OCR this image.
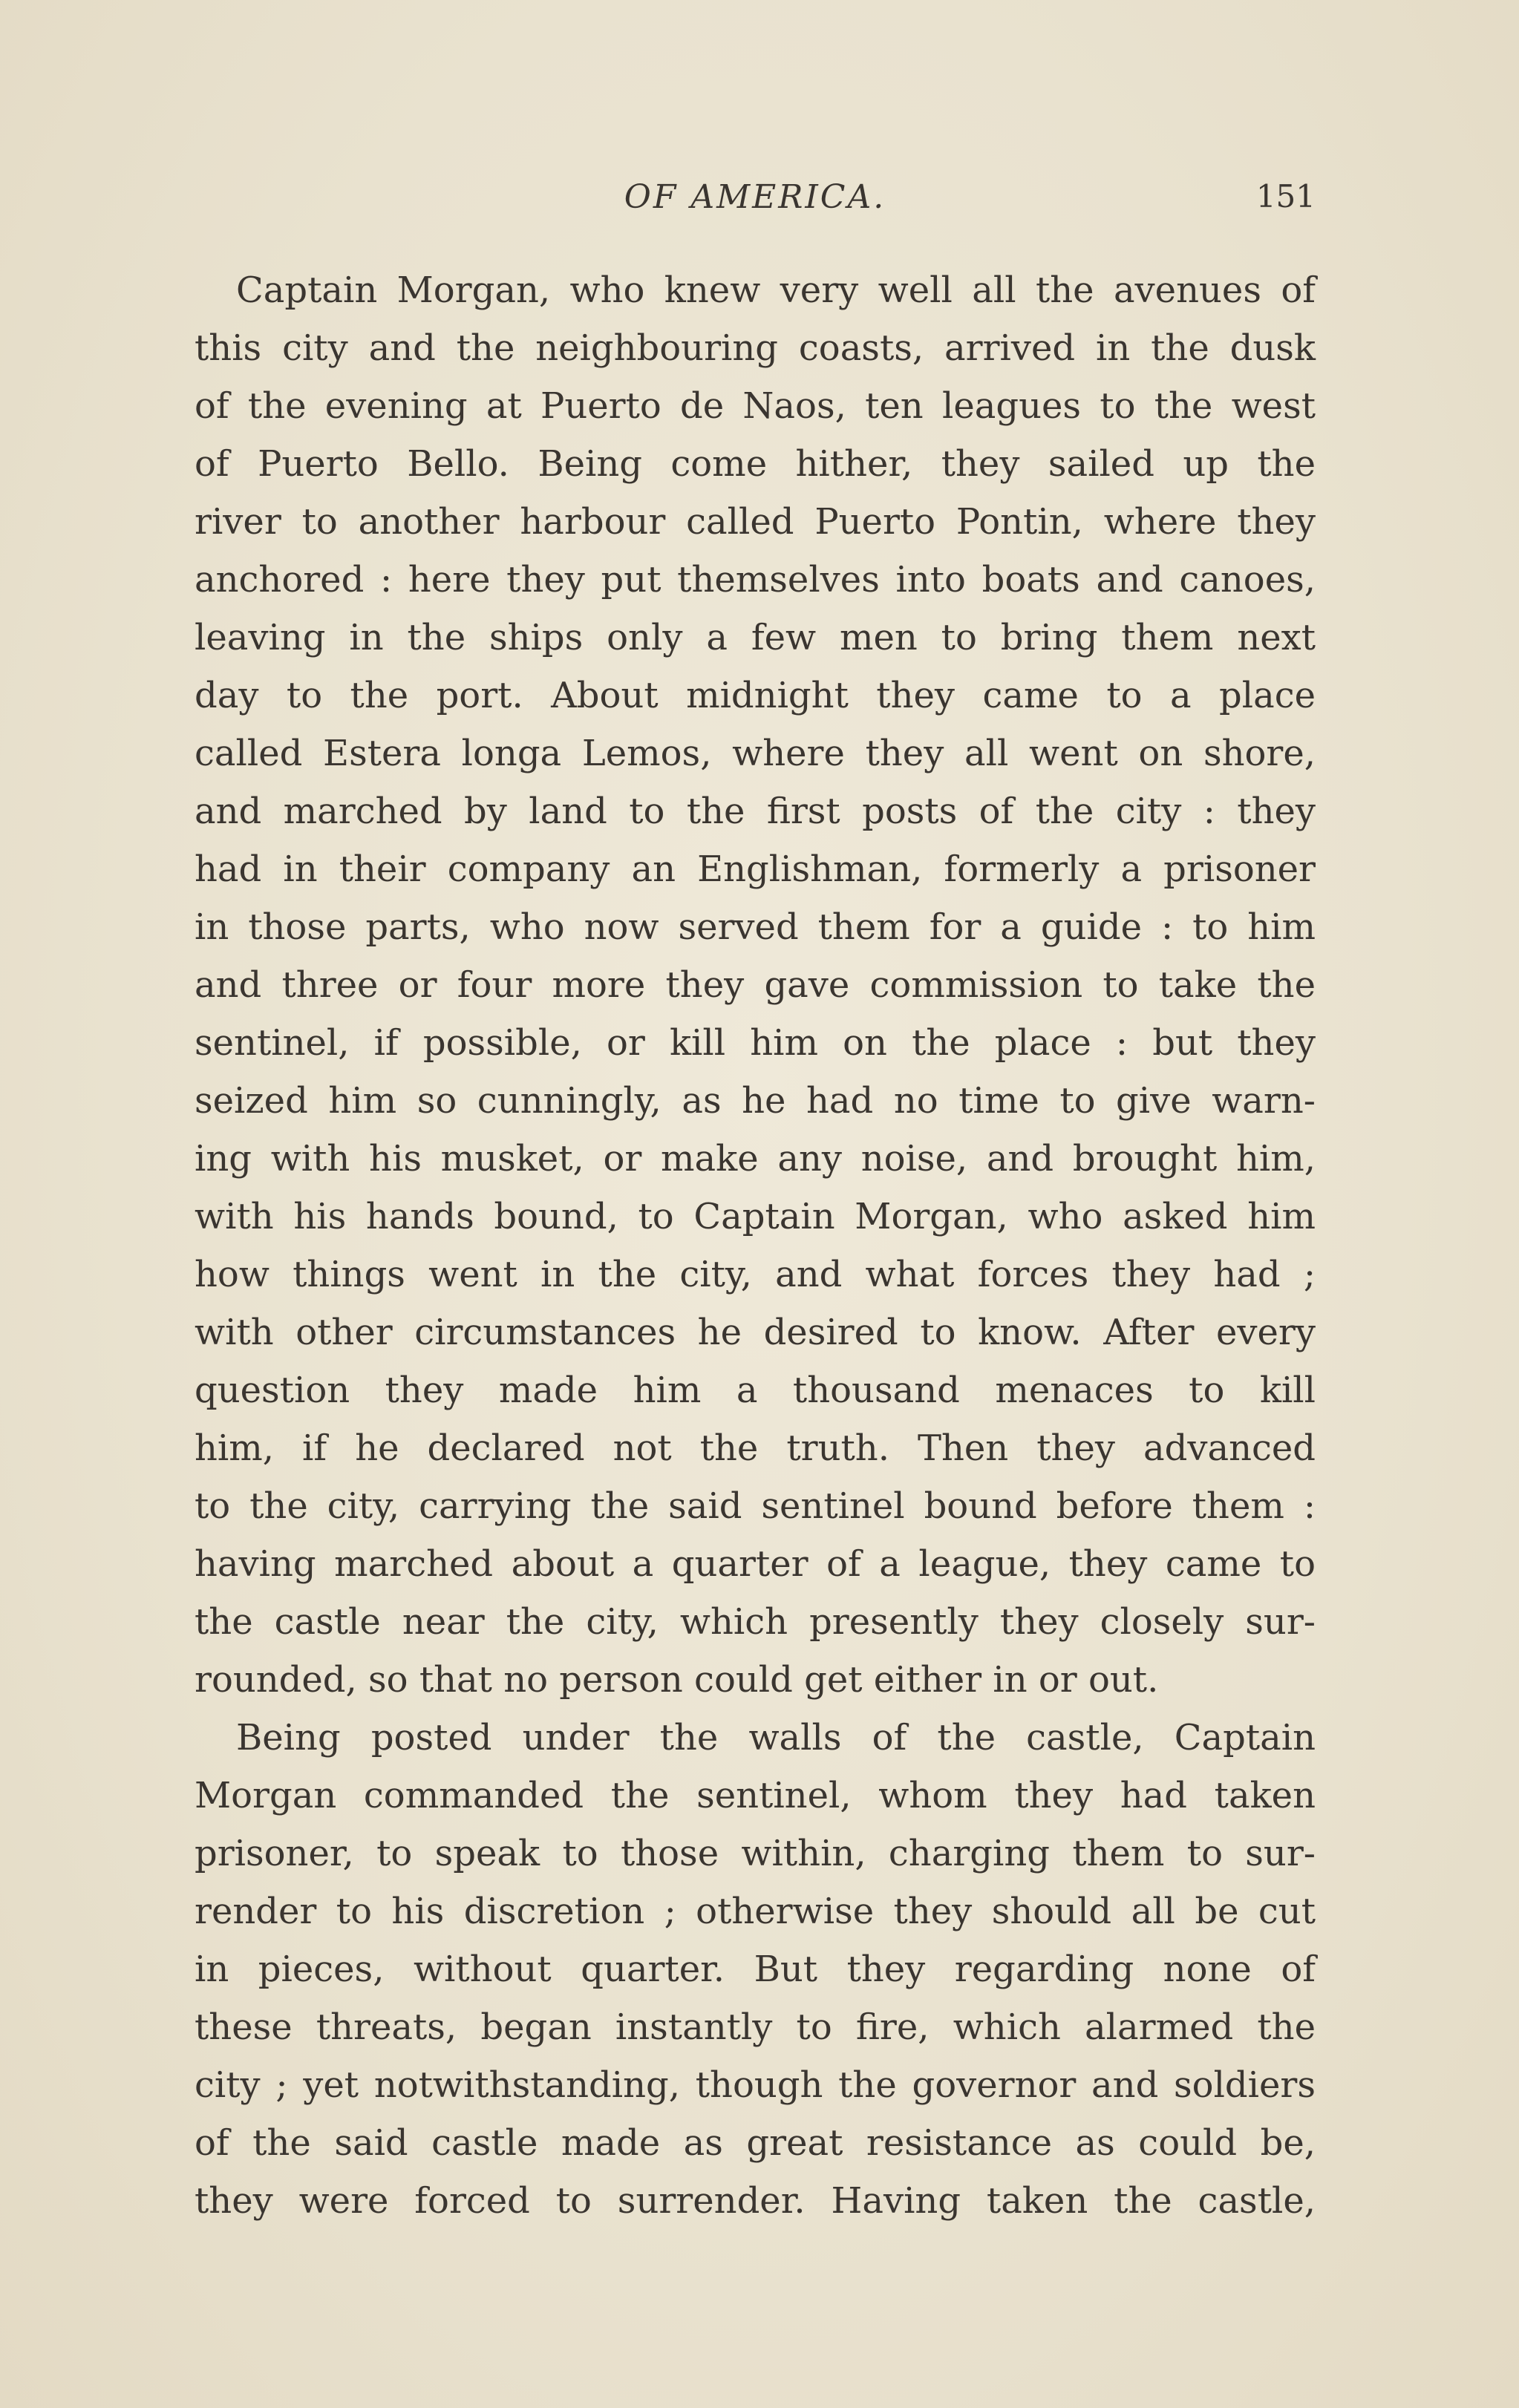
OF AMERICA.	151
Captain Morgan, who knew very well all the avenues of
this city and the neighbouring coasts, arrived in the dusk
of the evening at Puerto de Naos, ten leagues to the west
of Puerto Bello. Being come hither, they sailed up the
river to another harbour called Puerto Pontin, where they
anchored : here they put themselves into boats and canoes,
leaving in the ships only a few men to bring them next
day to the port. About midnight they came to a place
called Estera longa Lemos, where they all went on shore,
and marched by land to the first posts of the city : they
had in their company an Englishman, formerly a prisoner
in those parts, who now served them for a guide : to him
and three or four more they gave commission to take the
sentinel, if possible, or kill him on the place : but they
seized him so cunningly, as he had no time to give warn-
ing with his musket, or make any noise, and brought him,
with his hands bound, to Captain Morgan, who asked him
how things went in the city, and what forces they had ;
with other circumstances he desired to know. After every
question they made him a thousand menaces to kill
him, if he declared not the truth. Then they advanced
to the city, carrying the said sentinel bound before them :
having marched about a quarter of a league, they came to
the castle near the city, which presently they closely sur-
rounded, so that no person could get either in or out.
Being posted under the walls of the castle, Captain
Morgan commanded the sentinel, whom they had taken
prisoner, to speak to those within, charging them to sur-
render to his discretion ; otherwise they should all be cut
in pieces, without quarter. But they regarding none of
these threats, began instantly to fire, which alarmed the
city ; yet notwithstanding, though the governor and soldiers
of the said castle made as great resistance as could be,
they were forced to surrender. Having taken the castle,
